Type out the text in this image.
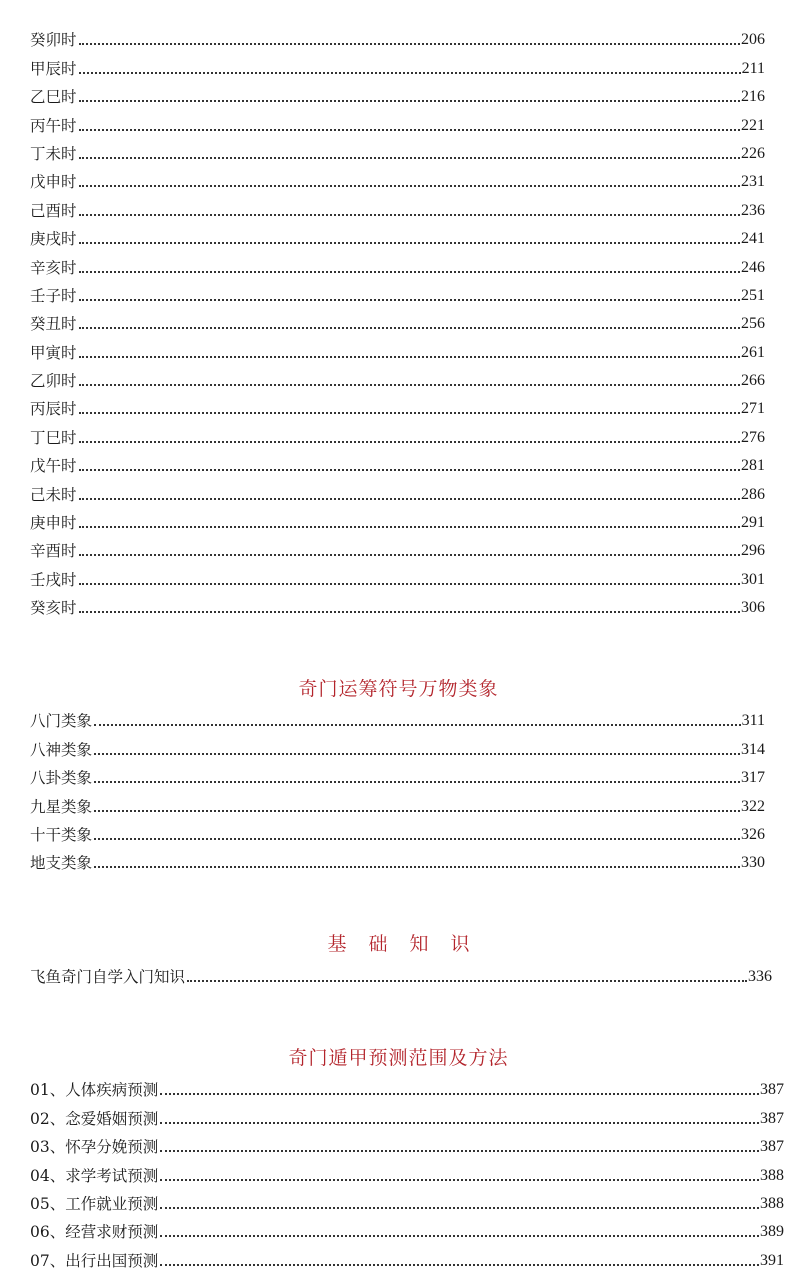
癸卯时	206
甲辰时	211
乙巳时	216
丙午时	221
丁未时	226
戊申时	231
己酉时	236
庚戌时	241
辛亥时	246
壬子时	251
癸丑时	256
甲寅时	261
乙卯时	266
丙辰时	271
丁巳时	276
戊午时	281
己未时	286
庚申时	291
辛酉时	296
壬戌时	301
癸亥时	306
奇门运筹符号万物类象
八门类象	311
八神类象	314
八卦类象	317
九星类象	322
十干类象	326
地支类象	330
基础知识
飞鱼奇门自学入门知识	336
奇门遁甲预测范围及方法
01、人体疾病预测	387
02、念爱婚姻预测	387
03、怀孕分娩预测	387
04、求学考试预测	388
05、工作就业预测	388
06、经营求财预测	389
07、出行出国预测	391
